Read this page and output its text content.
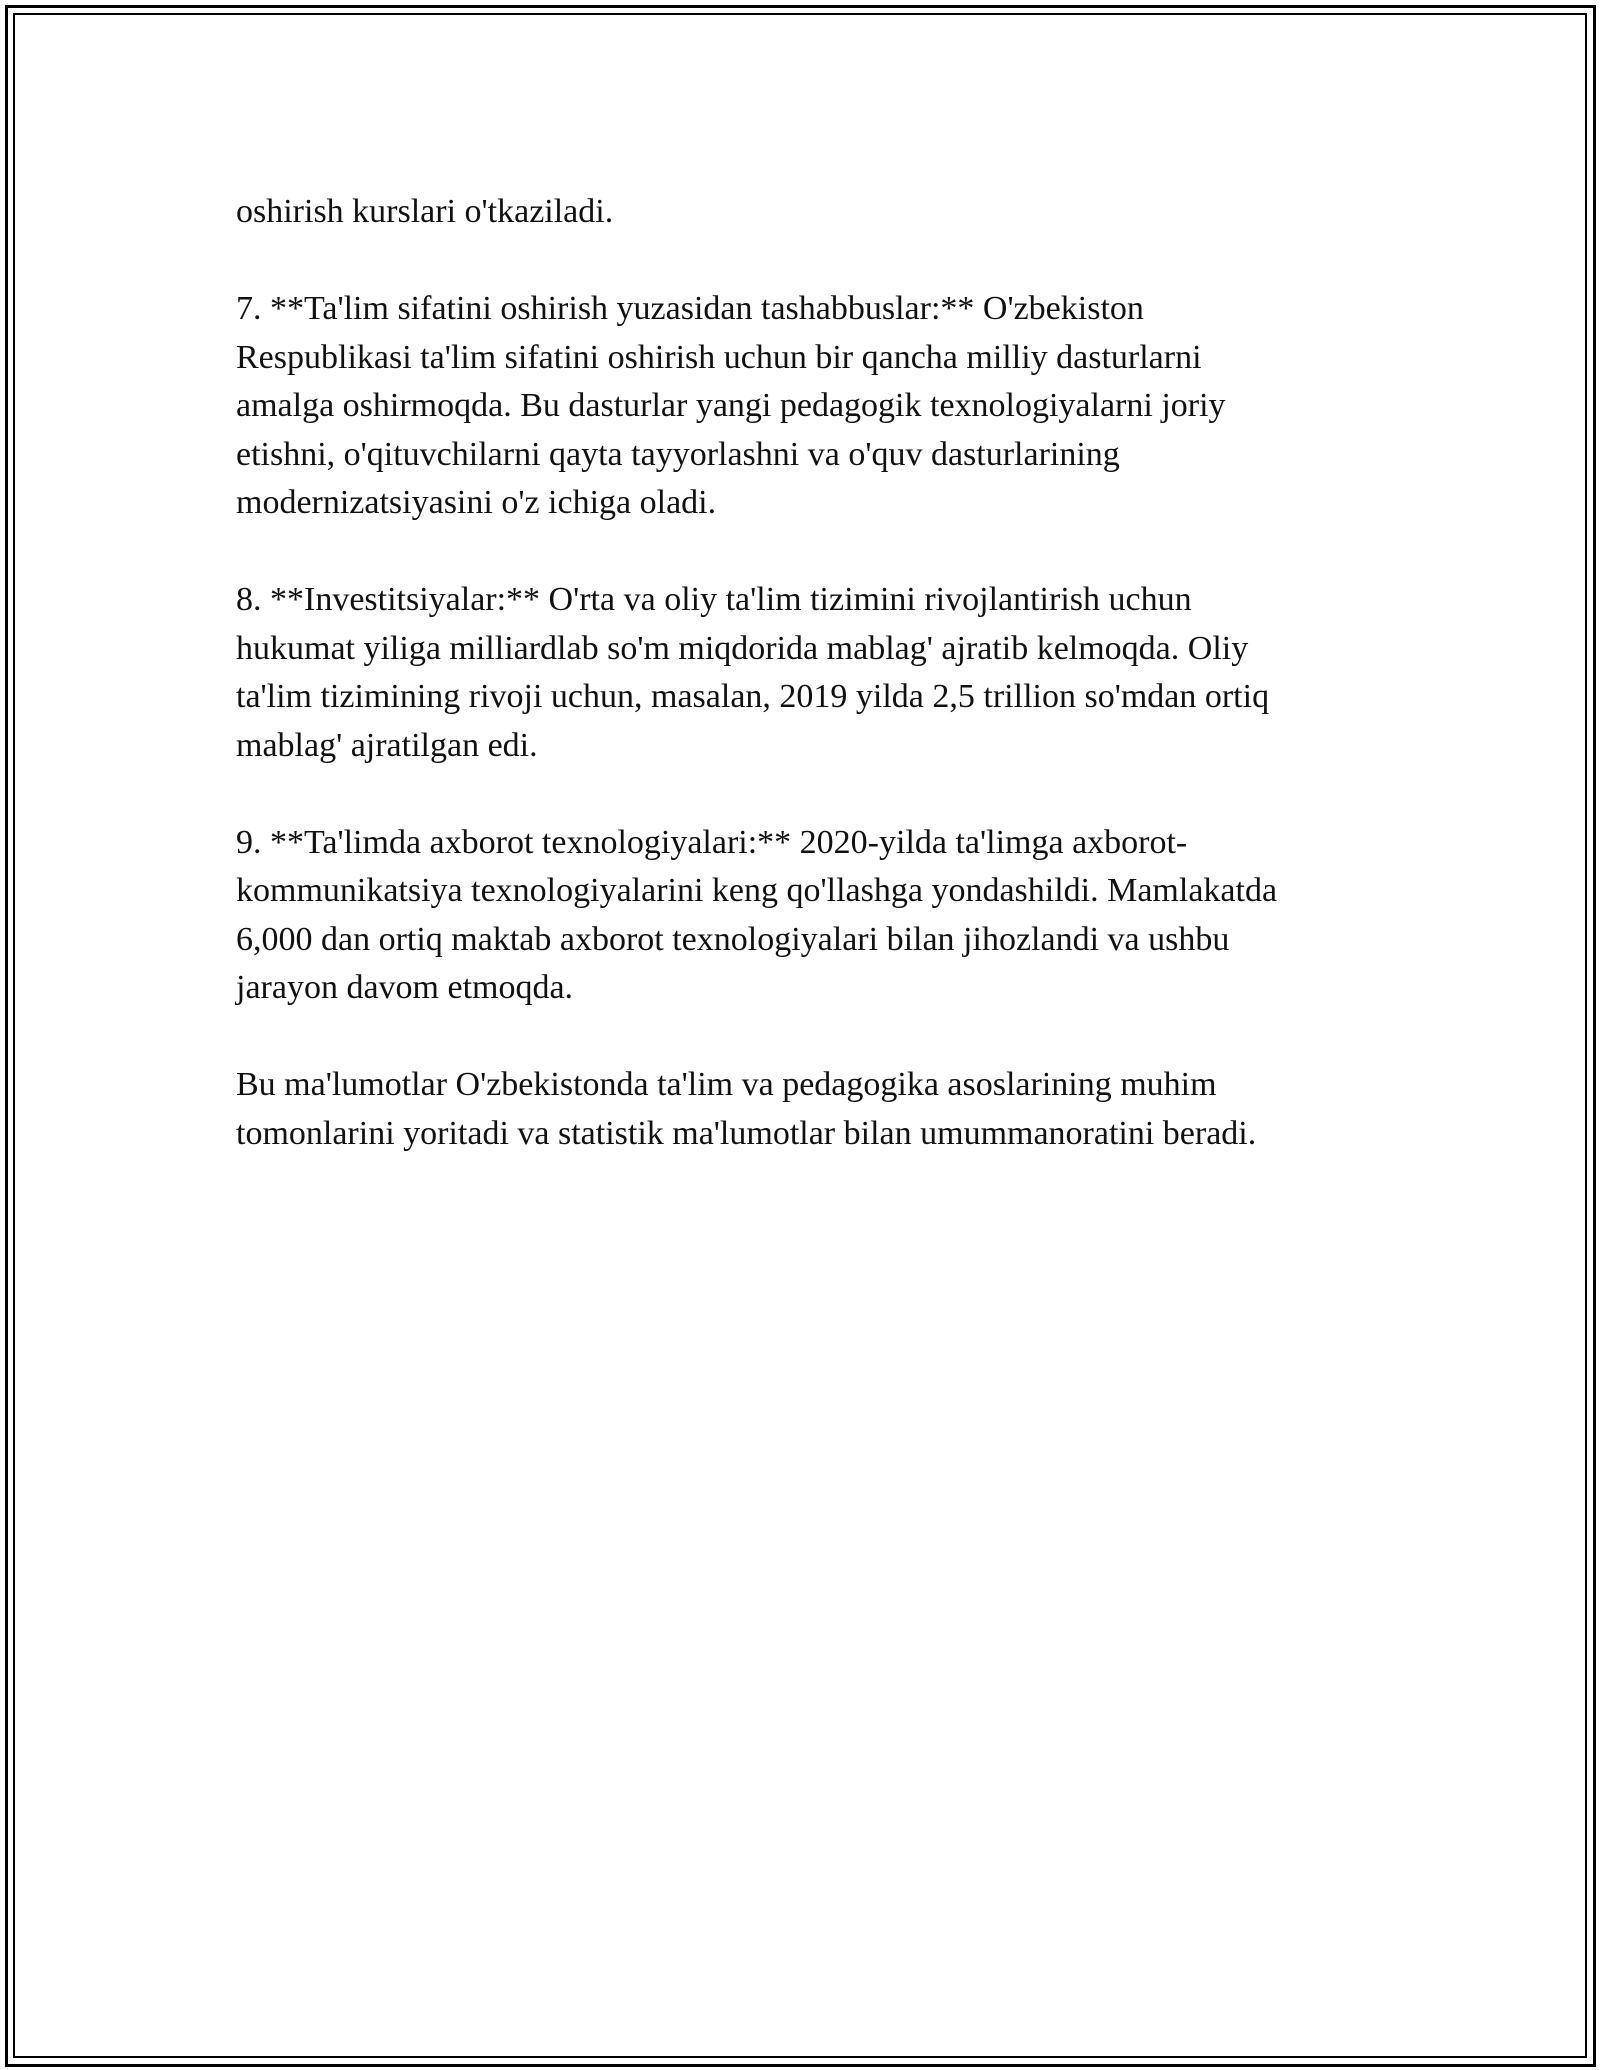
oshirish kurslari o'tkaziladi.

7. **Ta'lim sifatini oshirish yuzasidan tashabbuslar:** O'zbekiston
Respublikasi ta'lim sifatini oshirish uchun bir qancha milliy dasturlarni
amalga oshirmoqda. Bu dasturlar yangi pedagogik texnologiyalarni joriy
etishni, o'qituvchilarni qayta tayyorlashni va o'quv dasturlarining
modernizatsiyasini o'z ichiga oladi.

8. **Investitsiyalar:** O'rta va oliy ta'lim tizimini rivojlantirish uchun
hukumat yiliga milliardlab so'm miqdorida mablag' ajratib kelmoqda. Oliy
ta'lim tizimining rivoji uchun, masalan, 2019 yilda 2,5 trillion so'mdan ortiq
mablag' ajratilgan edi.

9. **Ta'limda axborot texnologiyalari:** 2020-yilda ta'limga axborot-
kommunikatsiya texnologiyalarini keng qo'llashga yondashildi. Mamlakatda
6,000 dan ortiq maktab axborot texnologiyalari bilan jihozlandi va ushbu
jarayon davom etmoqda.

Bu ma'lumotlar O'zbekistonda ta'lim va pedagogika asoslarining muhim
tomonlarini yoritadi va statistik ma'lumotlar bilan umummanoratini beradi.
